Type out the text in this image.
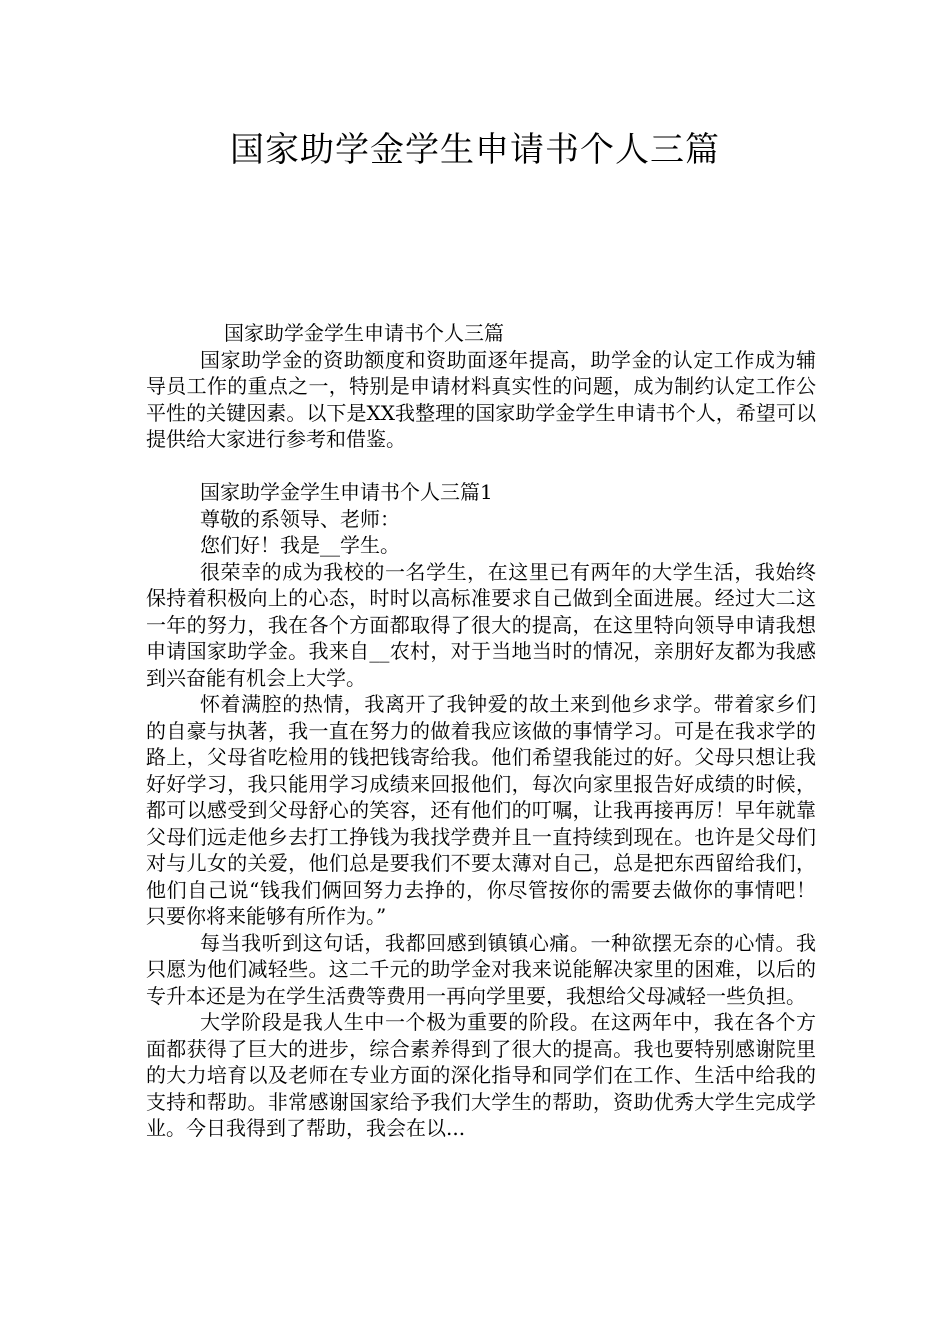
国家助学金学生申请书个人三篇

国家助学金学生申请书个人三篇

国家助学金的资助额度和资助面逐年提高，助学金的认定工作成为辅导员工作的重点之一，特别是申请材料真实性的问题，成为制约认定工作公平性的关键因素。以下是XX我整理的国家助学金学生申请书个人，希望可以提供给大家进行参考和借鉴。

国家助学金学生申请书个人三篇1

尊敬的系领导、老师：

您们好！我是__学生。

很荣幸的成为我校的一名学生，在这里已有两年的大学生活，我始终保持着积极向上的心态，时时以高标准要求自己做到全面进展。经过大二这一年的努力，我在各个方面都取得了很大的提高，在这里特向领导申请我想申请国家助学金。我来自__农村，对于当地当时的情况，亲朋好友都为我感到兴奋能有机会上大学。

怀着满腔的热情，我离开了我钟爱的故土来到他乡求学。带着家乡们的自豪与执著，我一直在努力的做着我应该做的事情学习。可是在我求学的路上，父母省吃检用的钱把钱寄给我。他们希望我能过的好。父母只想让我好好学习，我只能用学习成绩来回报他们，每次向家里报告好成绩的时候，都可以感受到父母舒心的笑容，还有他们的叮嘱，让我再接再厉！早年就靠父母们远走他乡去打工挣钱为我找学费并且一直持续到现在。也许是父母们对与儿女的关爱，他们总是要我们不要太薄对自己，总是把东西留给我们，他们自己说“钱我们俩回努力去挣的，你尽管按你的需要去做你的事情吧！只要你将来能够有所作为。”

每当我听到这句话，我都回感到镇镇心痛。一种欲摆无奈的心情。我只愿为他们减轻些。这二千元的助学金对我来说能解决家里的困难，以后的专升本还是为在学生活费等费用一再向学里要，我想给父母减轻一些负担。

大学阶段是我人生中一个极为重要的阶段。在这两年中，我在各个方面都获得了巨大的进步，综合素养得到了很大的提高。我也要特别感谢院里的大力培育以及老师在专业方面的深化指导和同学们在工作、生活中给我的支持和帮助。非常感谢国家给予我们大学生的帮助，资助优秀大学生完成学业。今日我得到了帮助，我会在以...
